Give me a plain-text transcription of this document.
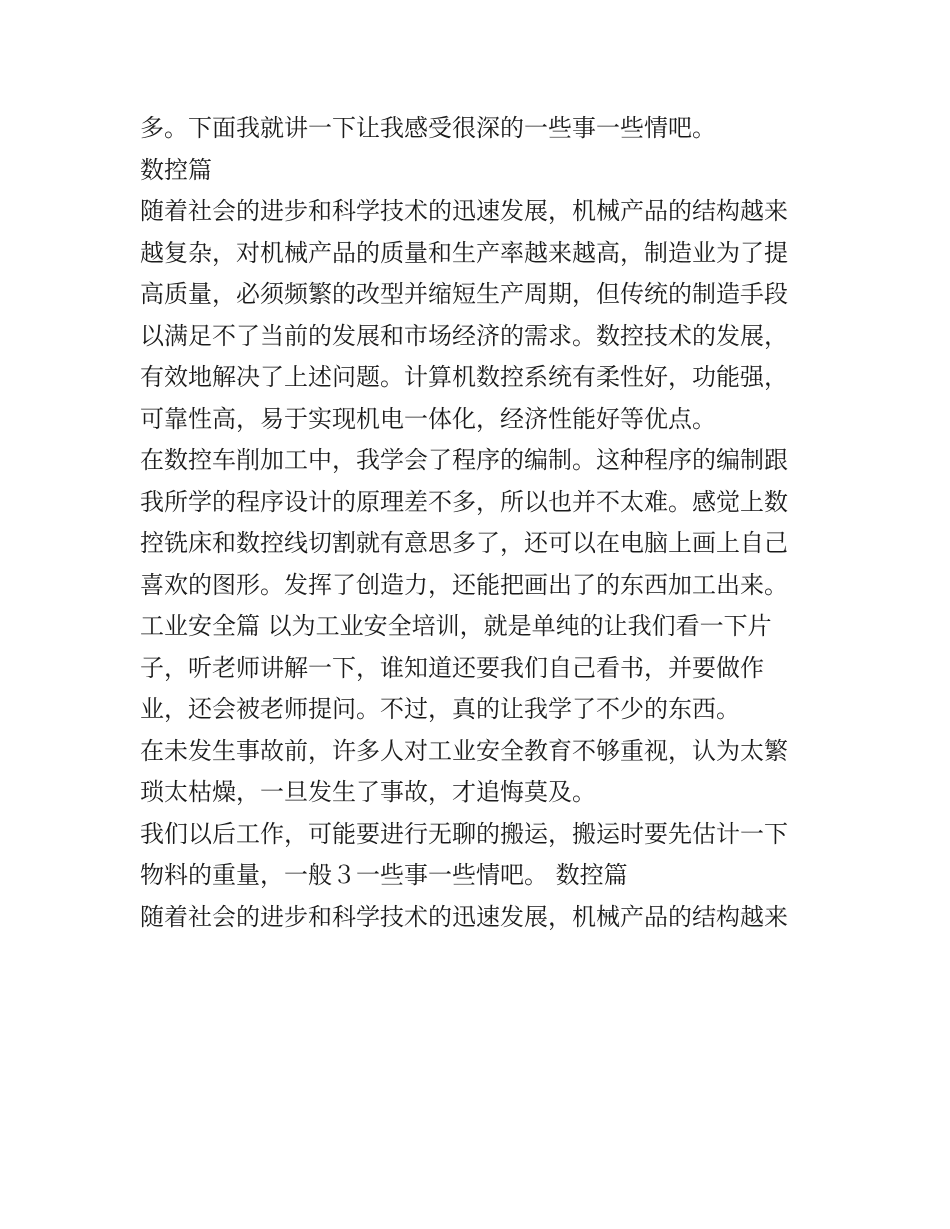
多。下面我就讲一下让我感受很深的一些事一些情吧。
数控篇
随着社会的进步和科学技术的迅速发展，机械产品的结构越来
越复杂，对机械产品的质量和生产率越来越高，制造业为了提
高质量，必须频繁的改型并缩短生产周期，但传统的制造手段
以满足不了当前的发展和市场经济的需求。数控技术的发展，
有效地解决了上述问题。计算机数控系统有柔性好，功能强，
可靠性高，易于实现机电一体化，经济性能好等优点。
在数控车削加工中，我学会了程序的编制。这种程序的编制跟
我所学的程序设计的原理差不多，所以也并不太难。感觉上数
控铣床和数控线切割就有意思多了，还可以在电脑上画上自己
喜欢的图形。发挥了创造力，还能把画出了的东西加工出来。
工业安全篇 以为工业安全培训，就是单纯的让我们看一下片
子，听老师讲解一下，谁知道还要我们自己看书，并要做作
业，还会被老师提问。不过，真的让我学了不少的东西。
在未发生事故前，许多人对工业安全教育不够重视，认为太繁
琐太枯燥，一旦发生了事故，才追悔莫及。
我们以后工作，可能要进行无聊的搬运，搬运时要先估计一下
物料的重量，一般３一些事一些情吧。 数控篇
随着社会的进步和科学技术的迅速发展，机械产品的结构越来
